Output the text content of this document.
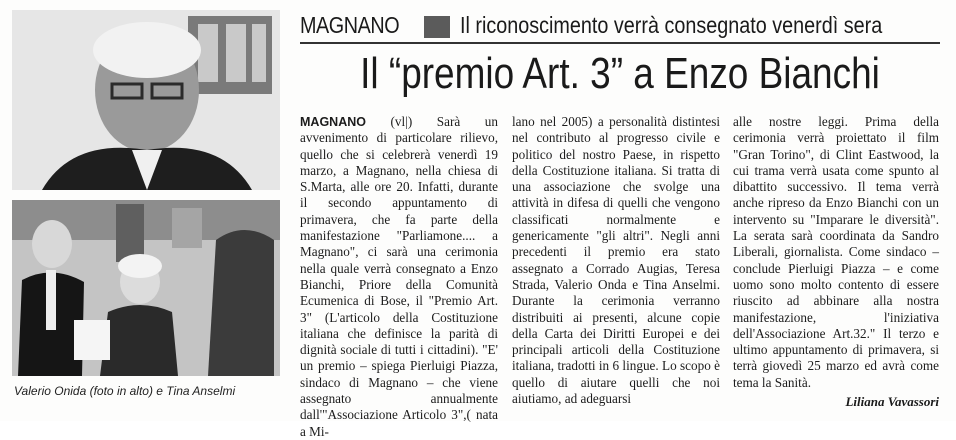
Valerio Onida (foto in alto) e Tina Anselmi
MAGNANO	Il riconoscimento verrà consegnato venerdì sera
Il “premio Art. 3” a Enzo Bianchi

MAGNANO (vl|) Sarà un avvenimento di particolare rilievo, quello che si celebrerà venerdì 19 marzo, a Magnano, nella chiesa di S.Marta, alle ore 20. Infatti, durante il secondo appuntamento di primavera, che fa parte della manifestazione "Parliamone.... a Magnano", ci sarà una cerimonia nella quale verrà consegnato a Enzo Bianchi, Priore della Comunità Ecumenica di Bose, il "Premio Art. 3" (L'articolo della Costituzione italiana che definisce la parità di dignità sociale di tutti i cittadini). "E' un premio – spiega Pierluigi Piazza, sindaco di Magnano – che viene assegnato annualmente dall'"Associazione Articolo 3",( nata a Mi-

lano nel 2005) a personalità distintesi nel contributo al progresso civile e politico del nostro Paese, in rispetto della Costituzione italiana. Si tratta di una associazione che svolge una attività in difesa di quelli che vengono classificati normalmente e genericamente "gli altri". Negli anni precedenti il premio era stato assegnato a Corrado Augias, Teresa Strada, Valerio Onda e Tina Anselmi. Durante la cerimonia verranno distribuiti ai presenti, alcune copie della Carta dei Diritti Europei e dei principali articoli della Costituzione italiana, tradotti in 6 lingue. Lo scopo è quello di aiutare quelli che noi aiutiamo, ad adeguarsi

alle nostre leggi. Prima della cerimonia verrà proiettato il film "Gran Torino", di Clint Eastwood, la cui trama verrà usata come spunto al dibattito successivo. Il tema verrà anche ripreso da Enzo Bianchi con un intervento su "Imparare le diversità". La serata sarà coordinata da Sandro Liberali, giornalista. Come sindaco – conclude Pierluigi Piazza – e come uomo sono molto contento di essere riuscito ad abbinare alla nostra manifestazione, l'iniziativa dell'Associazione Art.32." Il terzo e ultimo appuntamento di primavera, si terrà giovedì 25 marzo ed avrà come tema la Sanità.

Liliana Vavassori
